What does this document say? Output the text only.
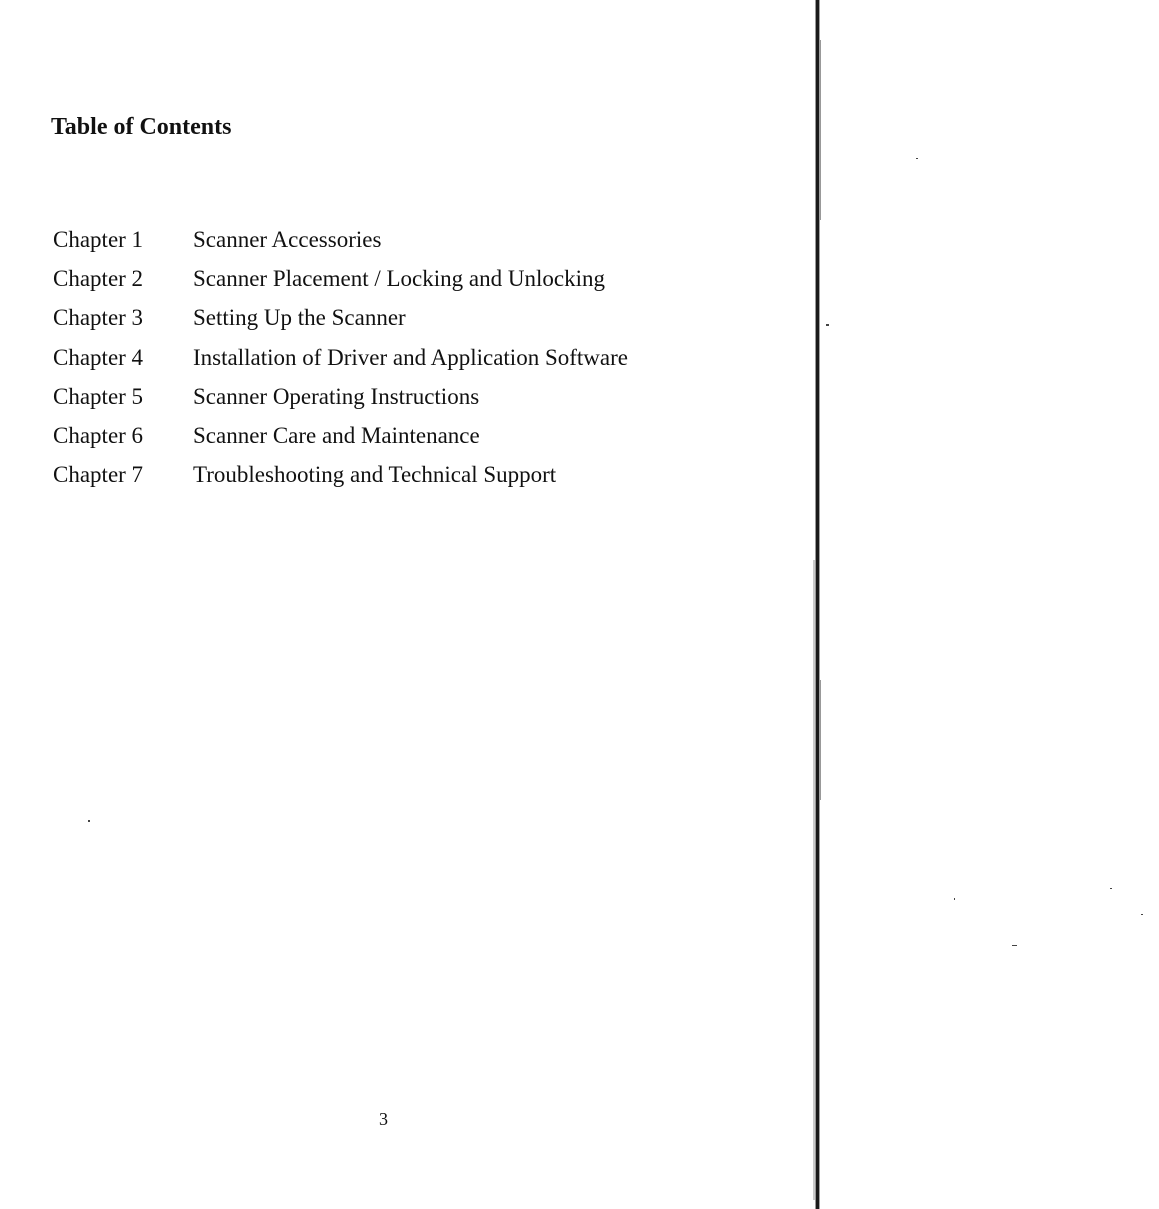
Table of Contents
Chapter 1 Scanner Accessories
Chapter 2 Scanner Placement / Locking and Unlocking
Chapter 3 Setting Up the Scanner
Chapter 4 Installation of Driver and Application Software
Chapter 5 Scanner Operating Instructions
Chapter 6 Scanner Care and Maintenance
Chapter 7 Troubleshooting and Technical Support
3
